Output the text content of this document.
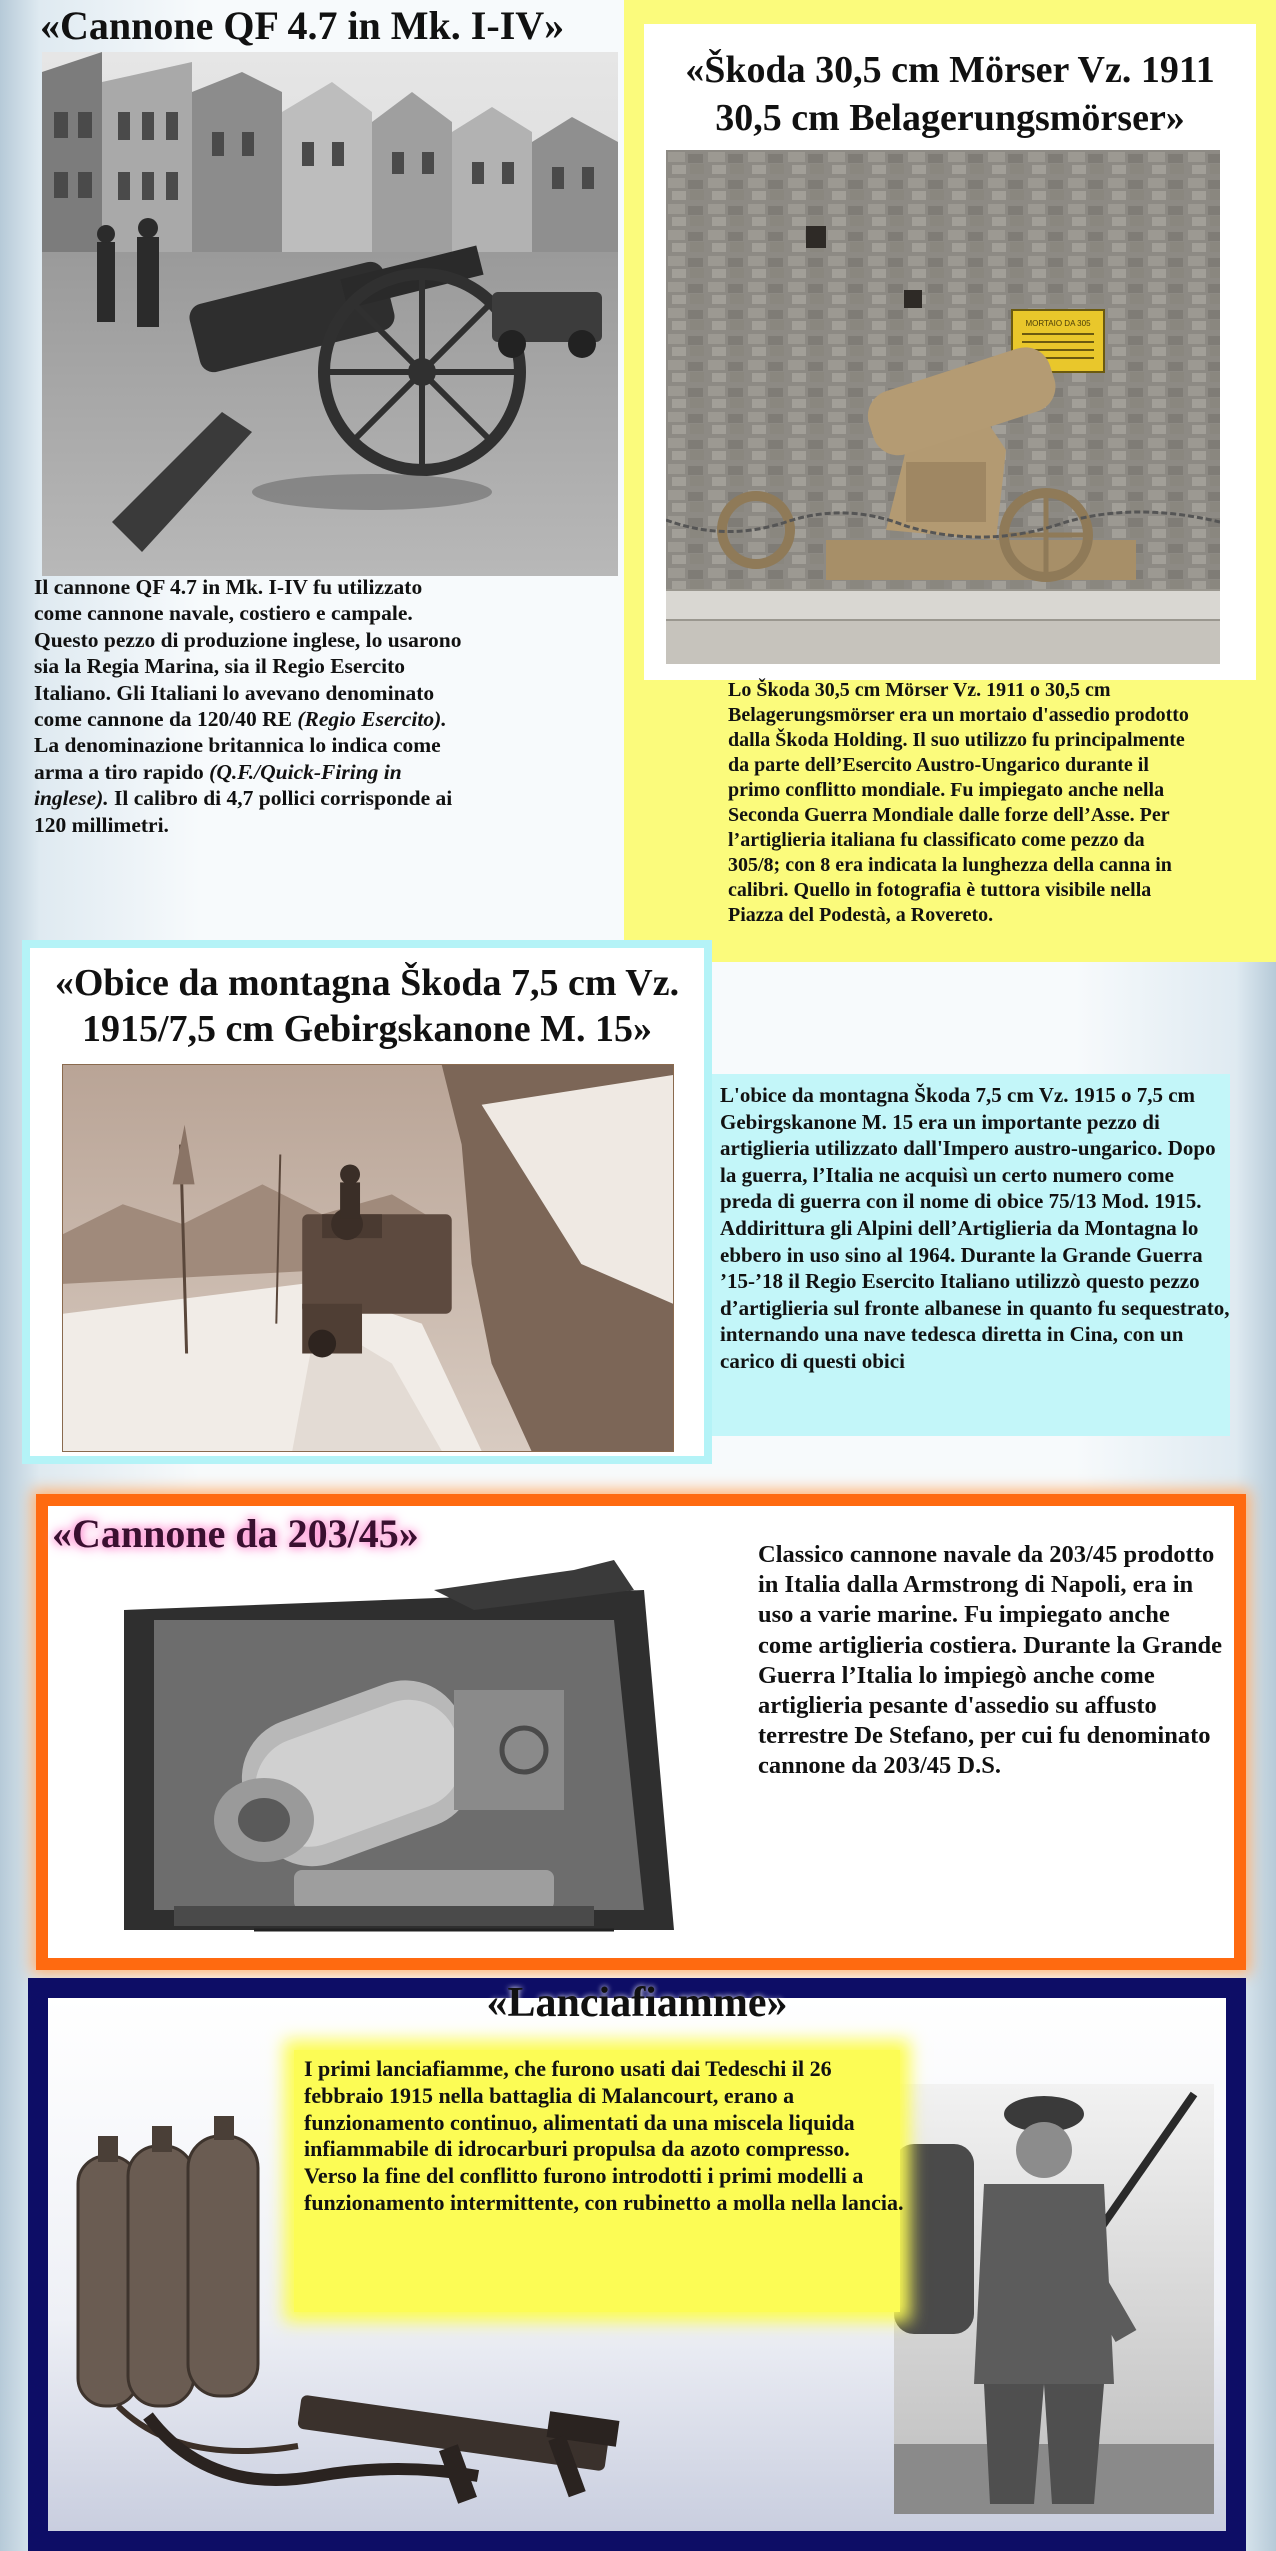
«Cannone QF 4.7 in Mk. I-IV»

Il cannone QF 4.7 in Mk. I-IV fu utilizzato come cannone navale, costiero e campale. Questo pezzo di produzione inglese, lo usarono sia la Regia Marina, sia il Regio Esercito Italiano. Gli Italiani lo avevano denominato come cannone da 120/40 RE (Regio Esercito). La denominazione britannica lo indica come arma a tiro rapido (Q.F./Quick-Firing in inglese). Il calibro di 4,7 pollici corrisponde ai 120 millimetri.

«Škoda 30,5 cm Mörser Vz. 1911
30,5 cm Belagerungsmörser»
MORTAIO DA 305

Lo Škoda 30,5 cm Mörser Vz. 1911 o 30,5 cm Belagerungsmörser era un mortaio d'assedio prodotto dalla Škoda Holding. Il suo utilizzo fu principalmente da parte dell’Esercito Austro-Ungarico durante il primo conflitto mondiale. Fu impiegato anche nella Seconda Guerra Mondiale dalle forze dell’Asse. Per l’artiglieria italiana fu classificato come pezzo da 305/8; con 8 era indicata la lunghezza della canna in calibri. Quello in fotografia è tuttora visibile nella Piazza del Podestà, a Rovereto.

«Obice da montagna Škoda 7,5 cm Vz.
1915/7,5 cm Gebirgskanone M. 15»

L'obice da montagna Škoda 7,5 cm Vz. 1915 o 7,5 cm Gebirgskanone M. 15 era un importante pezzo di artiglieria utilizzato dall'Impero austro-ungarico. Dopo la guerra, l’Italia ne acquisì un certo numero come preda di guerra con il nome di obice 75/13 Mod. 1915. Addirittura gli Alpini dell’Artiglieria da Montagna lo ebbero in uso sino al 1964. Durante la Grande Guerra ’15-’18 il Regio Esercito Italiano utilizzò questo pezzo d’artiglieria sul fronte albanese in quanto fu sequestrato, internando una nave tedesca diretta in Cina, con un carico di questi obici

«Cannone da 203/45»	Classico cannone navale da 203/45 prodotto in Italia dalla Armstrong di Napoli, era in uso a varie marine. Fu impiegato anche come artiglieria costiera. Durante la Grande Guerra l’Italia lo impiegò anche come artiglieria pesante d'assedio su affusto terrestre De Stefano, per cui fu denominato cannone da 203/45 D.S.

«Lanciafiamme»

I primi lanciafiamme, che furono usati dai Tedeschi il 26 febbraio 1915 nella battaglia di Malancourt, erano a funzionamento continuo, alimentati da una miscela liquida infiammabile di idrocarburi propulsa da azoto compresso. Verso la fine del conflitto furono introdotti i primi modelli a funzionamento intermittente, con rubinetto a molla nella lancia.
